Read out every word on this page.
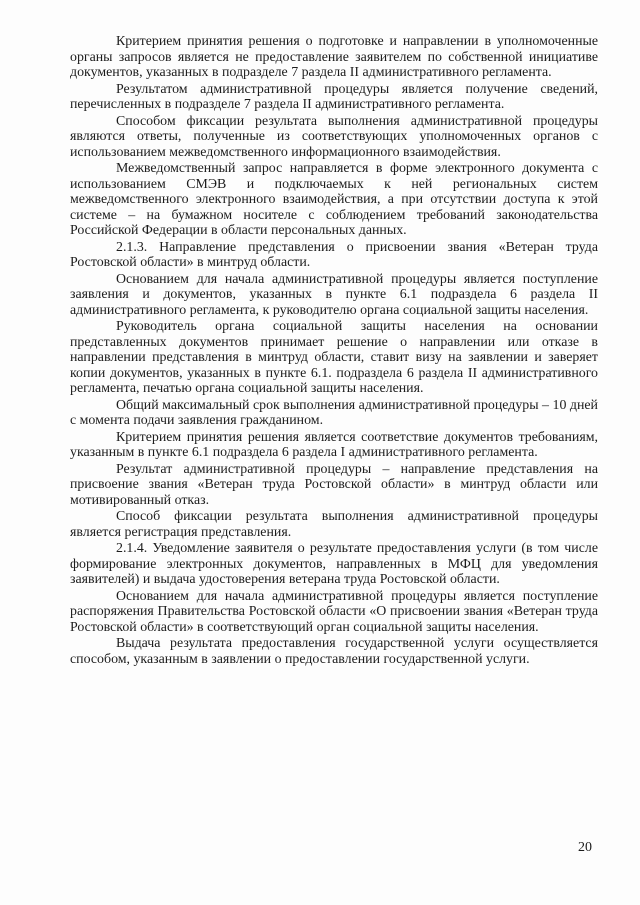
Критерием принятия решения о подготовке и направлении в уполномоченные органы запросов является не предоставление заявителем по собственной инициативе документов, указанных в подразделе 7 раздела II административного регламента.

Результатом административной процедуры является получение сведений, перечисленных в подразделе 7 раздела II административного регламента.

Способом фиксации результата выполнения административной процедуры являются ответы, полученные из соответствующих уполномоченных органов с использованием межведомственного информационного взаимодействия.

Межведомственный запрос направляется в форме электронного документа с использованием СМЭВ и подключаемых к ней региональных систем межведомственного электронного взаимодействия, а при отсутствии доступа к этой системе – на бумажном носителе с соблюдением требований законодательства Российской Федерации в области персональных данных.

2.1.3. Направление представления о присвоении звания «Ветеран труда Ростовской области» в минтруд области.

Основанием для начала административной процедуры является поступление заявления и документов, указанных в пункте 6.1 подраздела 6 раздела II административного регламента, к руководителю органа социальной защиты населения.

Руководитель органа социальной защиты населения на основании представленных документов принимает решение о направлении или отказе в направлении представления в минтруд области, ставит визу на заявлении и заверяет копии документов, указанных в пункте 6.1. подраздела 6 раздела II административного регламента, печатью органа социальной защиты населения.

Общий максимальный срок выполнения административной процедуры – 10 дней с момента подачи заявления гражданином.

Критерием принятия решения является соответствие документов требованиям, указанным в пункте 6.1 подраздела 6 раздела I административного регламента.

Результат административной процедуры – направление представления на присвоение звания «Ветеран труда Ростовской области» в минтруд области или мотивированный отказ.

Способ фиксации результата выполнения административной процедуры является регистрация представления.

2.1.4. Уведомление заявителя о результате предоставления услуги (в том числе формирование электронных документов, направленных в МФЦ для уведомления заявителей) и выдача удостоверения ветерана труда Ростовской области.

Основанием для начала административной процедуры является поступление распоряжения Правительства Ростовской области «О присвоении звания «Ветеран труда Ростовской области» в соответствующий орган социальной защиты населения.

Выдача результата предоставления государственной услуги осуществляется способом, указанным в заявлении о предоставлении государственной услуги.

20
